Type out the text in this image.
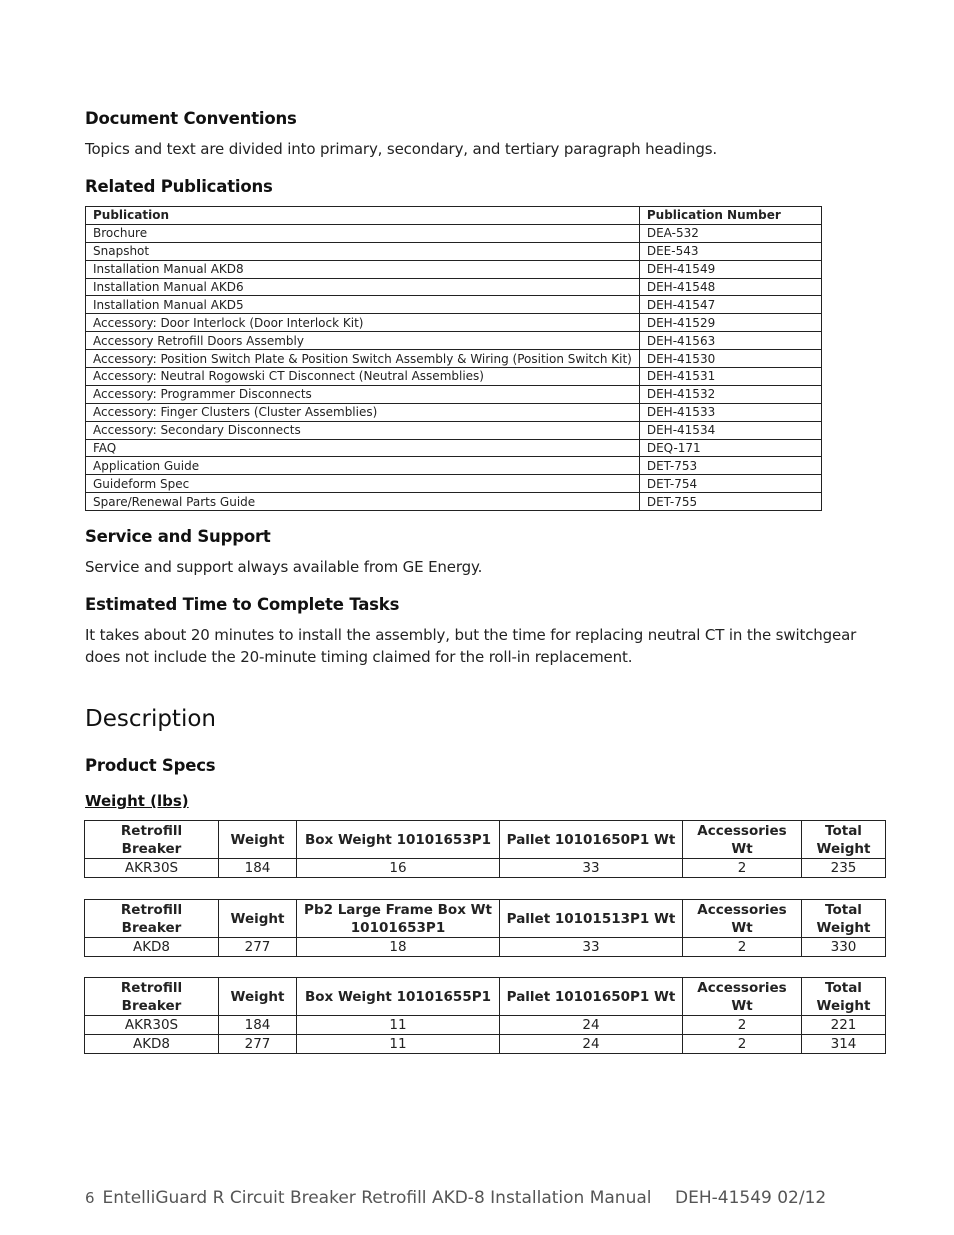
Document Conventions

Topics and text are divided into primary, secondary, and tertiary paragraph headings.

Related Publications
Publication	Publication Number
Brochure	DEA-532
Snapshot	DEE-543
Installation Manual AKD8	DEH-41549
Installation Manual AKD6	DEH-41548
Installation Manual AKD5	DEH-41547
Accessory: Door Interlock (Door Interlock Kit)	DEH-41529
Accessory Retrofill Doors Assembly	DEH-41563
Accessory: Position Switch Plate & Position Switch Assembly & Wiring (Position Switch Kit)	DEH-41530
Accessory: Neutral Rogowski CT Disconnect (Neutral Assemblies)	DEH-41531
Accessory: Programmer Disconnects	DEH-41532
Accessory: Finger Clusters (Cluster Assemblies)	DEH-41533
Accessory: Secondary Disconnects	DEH-41534
FAQ	DEQ-171
Application Guide	DET-753
Guideform Spec	DET-754
Spare/Renewal Parts Guide	DET-755
Service and Support

Service and support always available from GE Energy.

Estimated Time to Complete Tasks

It takes about 20 minutes to install the assembly, but the time for replacing neutral CT in the switchgear does not include the 20-minute timing claimed for the roll-in replacement.

Description
Product Specs
Weight (lbs)
Retrofill Breaker	Weight	Box Weight 10101653P1	Pallet 10101650P1 Wt	Accessories Wt	Total Weight
AKR30S	184	16	33	2	235
Retrofill Breaker	Weight	Pb2 Large Frame Box Wt 10101653P1	Pallet 10101513P1 Wt	Accessories Wt	Total Weight
AKD8	277	18	33	2	330
Retrofill Breaker	Weight	Box Weight 10101655P1	Pallet 10101650P1 Wt	Accessories Wt	Total Weight
AKR30S	184	11	24	2	221
AKD8	277	11	24	2	314
6 EntelliGuard R Circuit Breaker Retrofill AKD-8 Installation Manual DEH-41549 02/12
